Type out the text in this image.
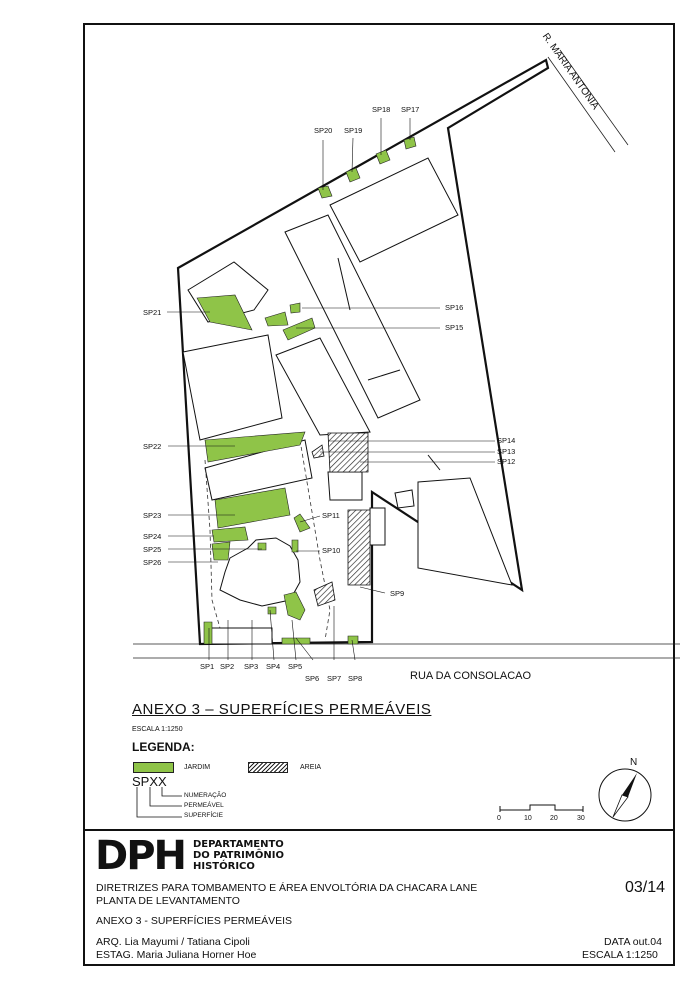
SP1 SP2 SP3 SP4 SP5
SP6 SP7 SP8
SP9
SP10
SP11
SP12
SP13
SP14
SP15
SP16
SP17
SP18
SP19
SP20
SP21
SP22
SP23
SP24
SP25
SP26
0	10	20	30
N
R. MARIA ANTONIA
RUA DA CONSOLACAO
ANEXO 3 – SUPERFÍCIES PERMEÁVEIS
ESCALA 1:1250
LEGENDA:
JARDIM	AREIA
SPXX
NUMERAÇÃO
PERMEÁVEL
SUPERFÍCIE
DPH DEPARTAMENTO
DO PATRIMÔNIO
HISTÓRICO
DIRETRIZES PARA TOMBAMENTO E ÁREA ENVOLTÓRIA DA CHACARA LANE
PLANTA DE LEVANTAMENTO
03/14
ANEXO 3 - SUPERFÍCIES PERMEÁVEIS
ARQ. Lia Mayumi / Tatiana Cipoli
ESTAG. Maria Juliana Horner Hoe
DATA out.04
ESCALA 1:1250
